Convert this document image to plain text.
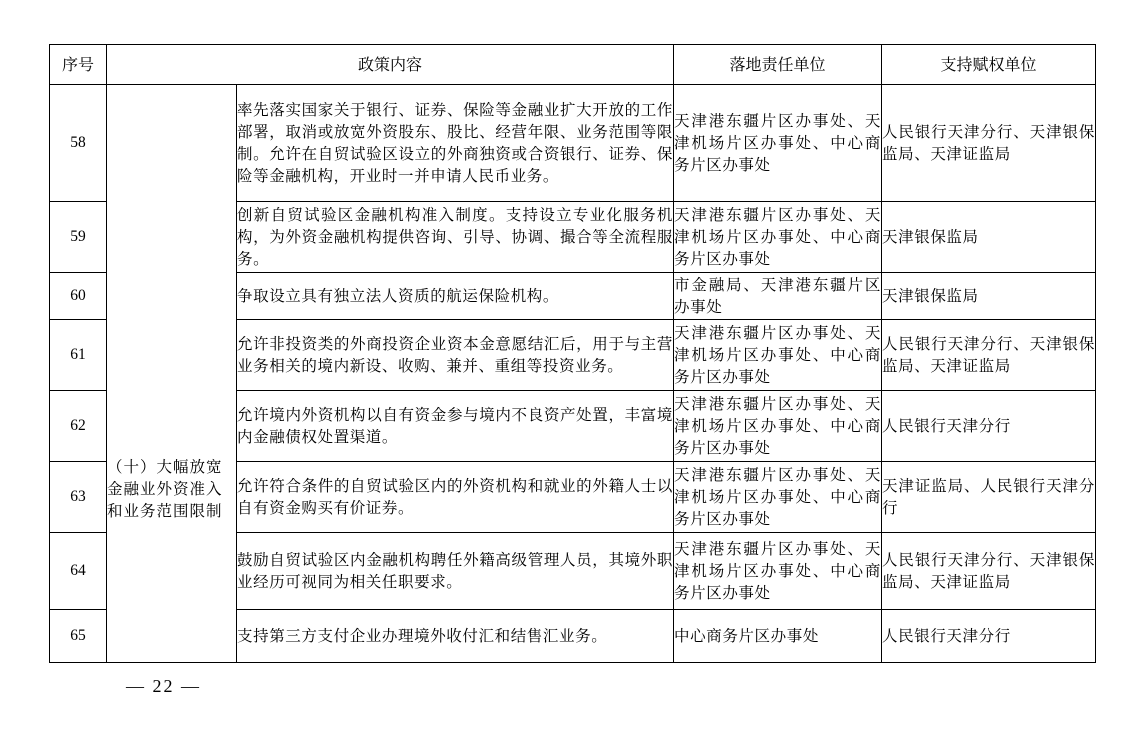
序号	政策内容		落地责任单位	支持赋权单位
58	（十）大幅放宽金融业外资准入和业务范围限制	率先落实国家关于银行、证券、保险等金融业扩大开放的工作部署，取消或放宽外资股东、股比、经营年限、业务范围等限制。允许在自贸试验区设立的外商独资或合资银行、证券、保险等金融机构，开业时一并申请人民币业务。	天津港东疆片区办事处、天津机场片区办事处、中心商务片区办事处	人民银行天津分行、天津银保监局、天津证监局
59		创新自贸试验区金融机构准入制度。支持设立专业化服务机构，为外资金融机构提供咨询、引导、协调、撮合等全流程服务。	天津港东疆片区办事处、天津机场片区办事处、中心商务片区办事处	天津银保监局
60		争取设立具有独立法人资质的航运保险机构。	市金融局、天津港东疆片区办事处	天津银保监局
61		允许非投资类的外商投资企业资本金意愿结汇后，用于与主营业务相关的境内新设、收购、兼并、重组等投资业务。	天津港东疆片区办事处、天津机场片区办事处、中心商务片区办事处	人民银行天津分行、天津银保监局、天津证监局
62		允许境内外资机构以自有资金参与境内不良资产处置，丰富境内金融债权处置渠道。	天津港东疆片区办事处、天津机场片区办事处、中心商务片区办事处	人民银行天津分行
63		允许符合条件的自贸试验区内的外资机构和就业的外籍人士以自有资金购买有价证券。	天津港东疆片区办事处、天津机场片区办事处、中心商务片区办事处	天津证监局、人民银行天津分行
64		鼓励自贸试验区内金融机构聘任外籍高级管理人员，其境外职业经历可视同为相关任职要求。	天津港东疆片区办事处、天津机场片区办事处、中心商务片区办事处	人民银行天津分行、天津银保监局、天津证监局
65		支持第三方支付企业办理境外收付汇和结售汇业务。	中心商务片区办事处	人民银行天津分行
— 22 —
